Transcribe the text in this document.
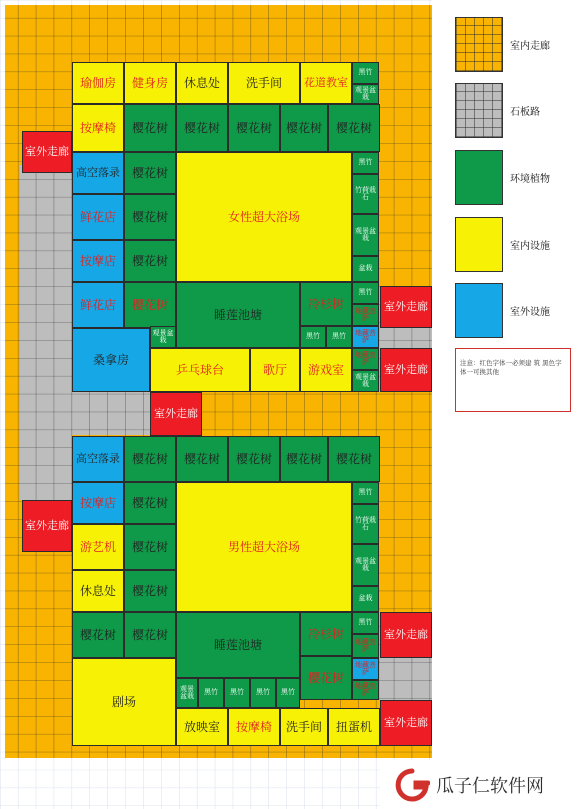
瑜伽房 健身房 休息处 洗手间 花道教室
黑竹
观景盆栽
按摩椅
高空落录
鲜花店
按摩店
鲜花店
樱花树 樱花树 樱花树 樱花树 樱花树
樱花树
樱花树
樱花树
樱花树
女性超大浴场
黑竹
竹荷栽石
观景盆栽
盆栽
睡莲池塘
冷杉树
黑竹
地藏菩萨
观景盆栽	黑竹 黑竹 地藏菩萨
桑拿房
乒乓球台	歌厅 游戏室
地藏菩萨
观景盆栽
室外走廊
室外走廊
室外走廊
室外走廊
室外走廊
室外走廊
室外走廊
高空落录
按摩店
游艺机
休息处
樱花树 樱花树 樱花树 樱花树 樱花树
樱花树
樱花树
樱花树
男性超大浴场
黑竹
竹荷栽石
观景盆栽
盆栽
樱花树 樱花树
睡莲池塘
冷杉树
黑竹
地藏菩萨
樱花树
地藏菩萨
地藏菩萨
剧场
观景盆栽	黑竹 黑竹 黑竹 黑竹
放映室 按摩椅 洗手间 扭蛋机
室内走廊
石板路
环境植物
室内设施
室外设施
注意：红色字体一必须建 筑 黑色字体一可换其他
瓜子仁软件网
